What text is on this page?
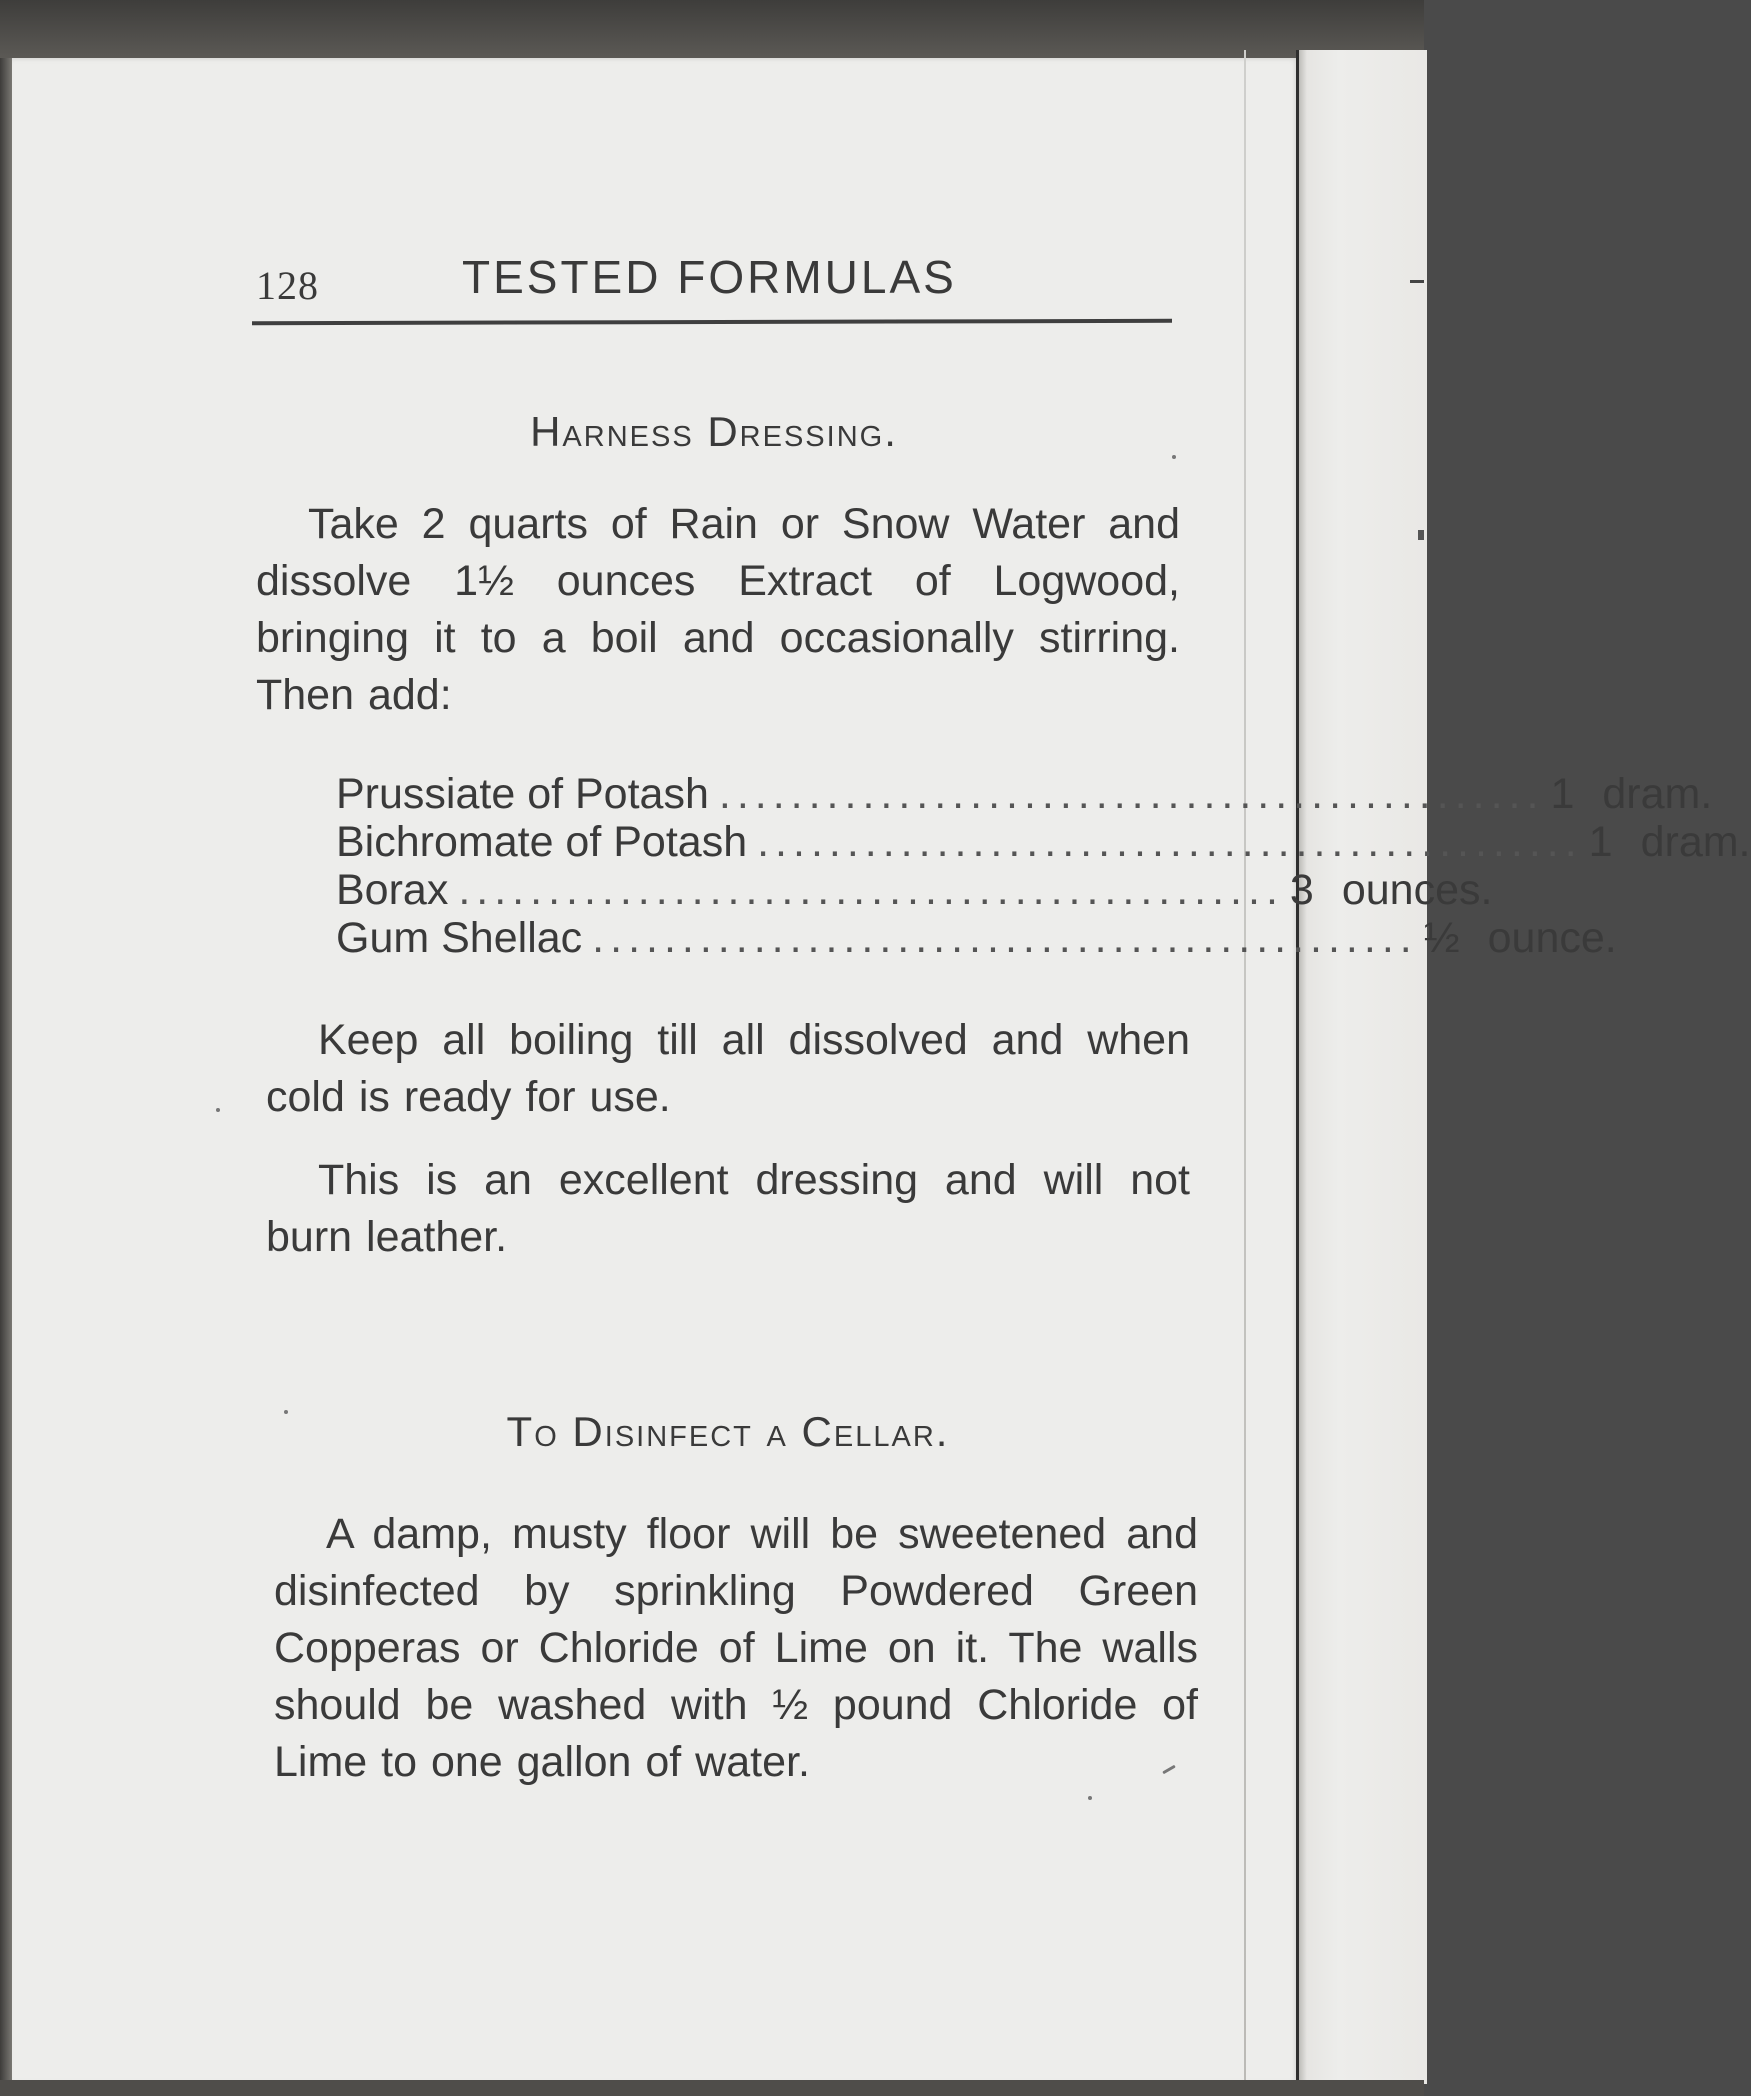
128	TESTED FORMULAS
Harness Dressing.
Take 2 quarts of Rain or Snow Water and dissolve 1½ ounces Extract of Logwood, bringing it to a boil and occasionally stirring. Then add:
Prussiate of Potash .............................................. 1 dram.
Bichromate of Potash .............................................. 1 dram.
Borax .............................................. 3 ounces.
Gum Shellac .............................................. ½ ounce.
Keep all boiling till all dissolved and when cold is ready for use.
This is an excellent dressing and will not burn leather.
To Disinfect a Cellar.
A damp, musty floor will be sweetened and disinfected by sprinkling Powdered Green Copperas or Chloride of Lime on it. The walls should be washed with ½ pound Chloride of Lime to one gallon of water.
